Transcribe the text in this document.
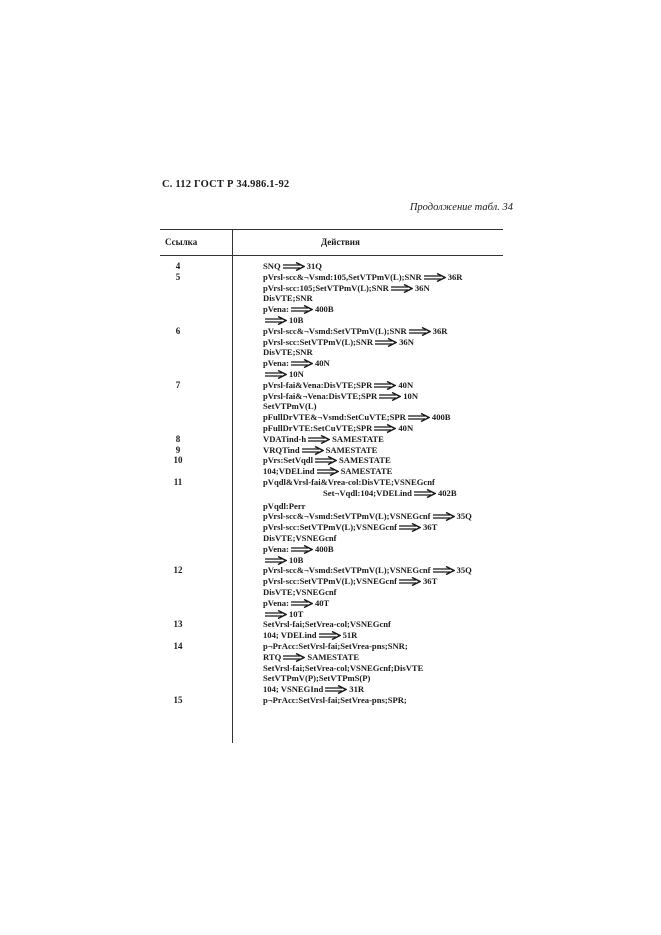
С. 112 ГОСТ Р 34.986.1-92
Продолжение табл. 34
Ссылка	Действия
4	SNQ	31Q
5	pVrsl-scc&¬Vsmd:105,SetVTPmV(L);SNR	36R
pVrsl-scc:105;SetVTPmV(L);SNR	36N
DisVTE;SNR
pVena:	400B
10B
6	pVrsl-scc&¬Vsmd:SetVTPmV(L);SNR	36R
pVrsl-scc:SetVTPmV(L);SNR	36N
DisVTE;SNR
pVena:	40N
10N
7	pVrsl-fai&Vena:DisVTE;SPR	40N
pVrsl-fai&¬Vena:DisVTE;SPR	10N
SetVTPmV(L)
pFullDrVTE&¬Vsmd:SetCuVTE;SPR	400B
pFullDrVTE:SetCuVTE;SPR	40N
8	VDATind-h	SAMESTATE
9	VRQTind	SAMESTATE
10	pVrs:SetVqdl	SAMESTATE
104;VDELind	SAMESTATE
11	pVqdl&Vrsl-fai&Vrea-col:DisVTE;VSNEGcnf
Set¬Vqdl:104;VDELind	402B
pVqdl:Perr
pVrsl-scc&¬Vsmd:SetVTPmV(L);VSNEGcnf	35Q
pVrsl-scc:SetVTPmV(L);VSNEGcnf	36T
DisVTE;VSNEGcnf
pVena:	400B
10B
12	pVrsl-scc&¬Vsmd:SetVTPmV(L);VSNEGcnf	35Q
pVrsl-scc:SetVTPmV(L);VSNEGcnf	36T
DisVTE;VSNEGcnf
pVena:	40T
10T
13	SetVrsl-fai;SetVrea-col;VSNEGcnf
104; VDELind	51R
14	p¬PrAcc:SetVrsl-fai;SetVrea-pns;SNR;
RTQ	SAMESTATE
SetVrsl-fai;SetVrea-col;VSNEGcnf;DisVTE
SetVTPmV(P);SetVTPmS(P)
104; VSNEGInd	31R
15	p¬PrAcc:SetVrsl-fai;SetVrea-pns;SPR;
